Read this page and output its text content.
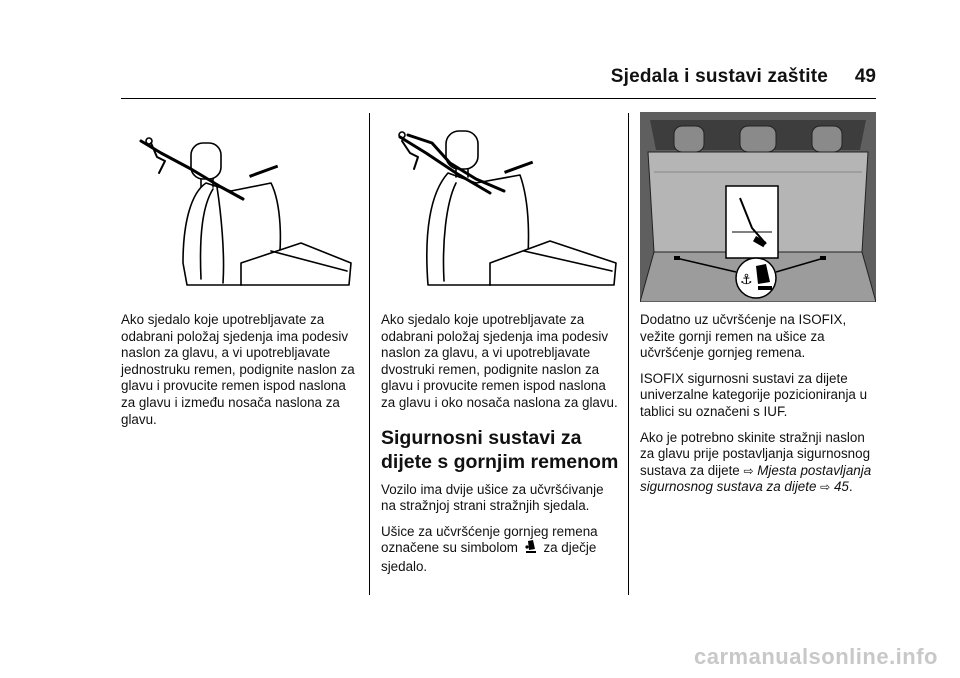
Sjedala i sustavi zaštite 49
⚓

Ako sjedalo koje upotrebljavate za odabrani položaj sjedenja ima podesiv naslon za glavu, a vi upotrebljavate jednostruku remen, podignite naslon za glavu i provucite remen ispod naslona za glavu i između nosača naslona za glavu.

Ako sjedalo koje upotrebljavate za odabrani položaj sjedenja ima podesiv naslon za glavu, a vi upotrebljavate dvostruki remen, podignite naslon za glavu i provucite remen ispod naslona za glavu i oko nosača naslona za glavu.

Sigurnosni sustavi za dijete s gornjim remenom

Vozilo ima dvije ušice za učvršćivanje na stražnjoj strani stražnjih sjedala.

Ušice za učvršćenje gornjeg remena označene su simbolom za dječje sjedalo.

Dodatno uz učvršćenje na ISOFIX, vežite gornji remen na ušice za učvršćenje gornjeg remena.

ISOFIX sigurnosni sustavi za dijete univerzalne kategorije pozicioniranja u tablici su označeni s IUF.

Ako je potrebno skinite stražnji naslon za glavu prije postavljanja sigurnosnog sustava za dijete ⇨ Mjesta postavljanja sigurnosnog sustava za dijete ⇨ 45.

carmanualsonline.info
